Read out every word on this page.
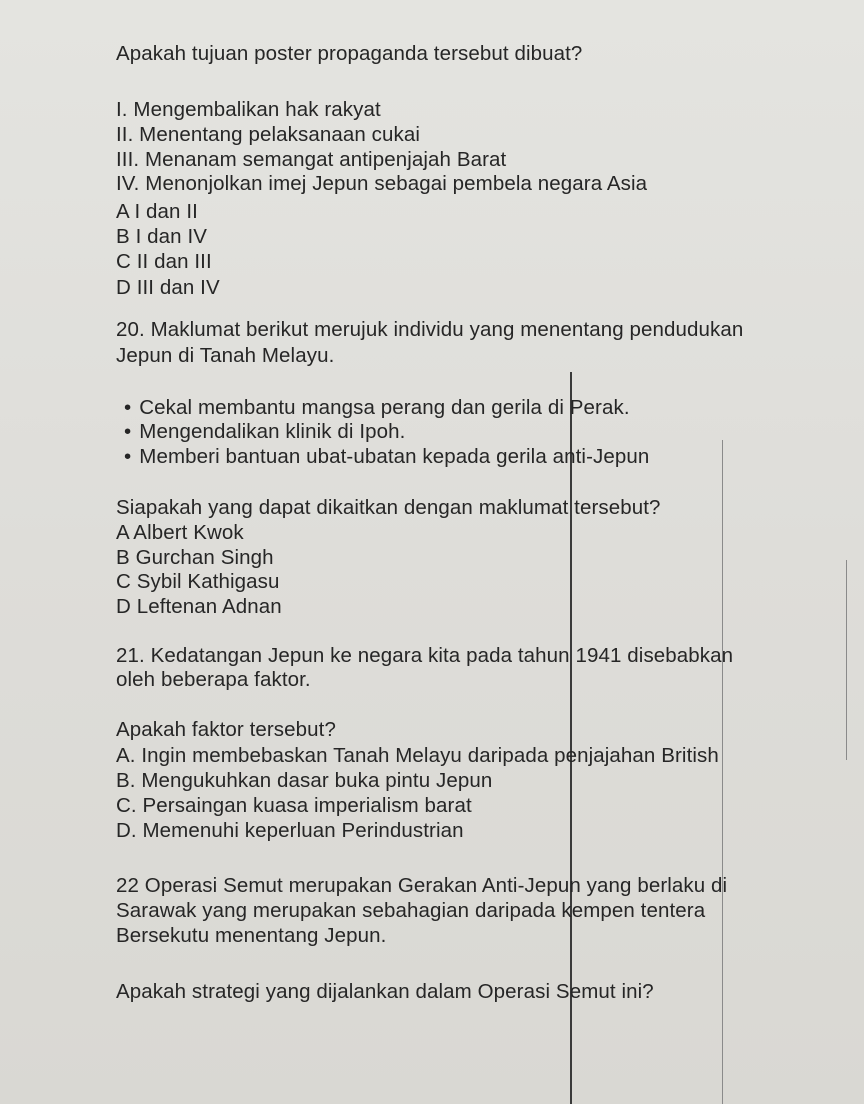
Apakah tujuan poster propaganda tersebut dibuat?
I. Mengembalikan hak rakyat
II. Menentang pelaksanaan cukai
III. Menanam semangat antipenjajah Barat
IV. Menonjolkan imej Jepun sebagai pembela negara Asia
A I dan II
B I dan IV
C II dan III
D III dan IV
20. Maklumat berikut merujuk individu yang menentang pendudukan
Jepun di Tanah Melayu.
• Cekal membantu mangsa perang dan gerila di Perak.
• Mengendalikan klinik di Ipoh.
• Memberi bantuan ubat-ubatan kepada gerila anti-Jepun
Siapakah yang dapat dikaitkan dengan maklumat tersebut?
A Albert Kwok
B Gurchan Singh
C Sybil Kathigasu
D Leftenan Adnan
21. Kedatangan Jepun ke negara kita pada tahun 1941 disebabkan
oleh beberapa faktor.
Apakah faktor tersebut?
A. Ingin membebaskan Tanah Melayu daripada penjajahan British
B. Mengukuhkan dasar buka pintu Jepun
C. Persaingan kuasa imperialism barat
D. Memenuhi keperluan Perindustrian
22 Operasi Semut merupakan Gerakan Anti-Jepun yang berlaku di
Sarawak yang merupakan sebahagian daripada kempen tentera
Bersekutu menentang Jepun.
Apakah strategi yang dijalankan dalam Operasi Semut ini?
